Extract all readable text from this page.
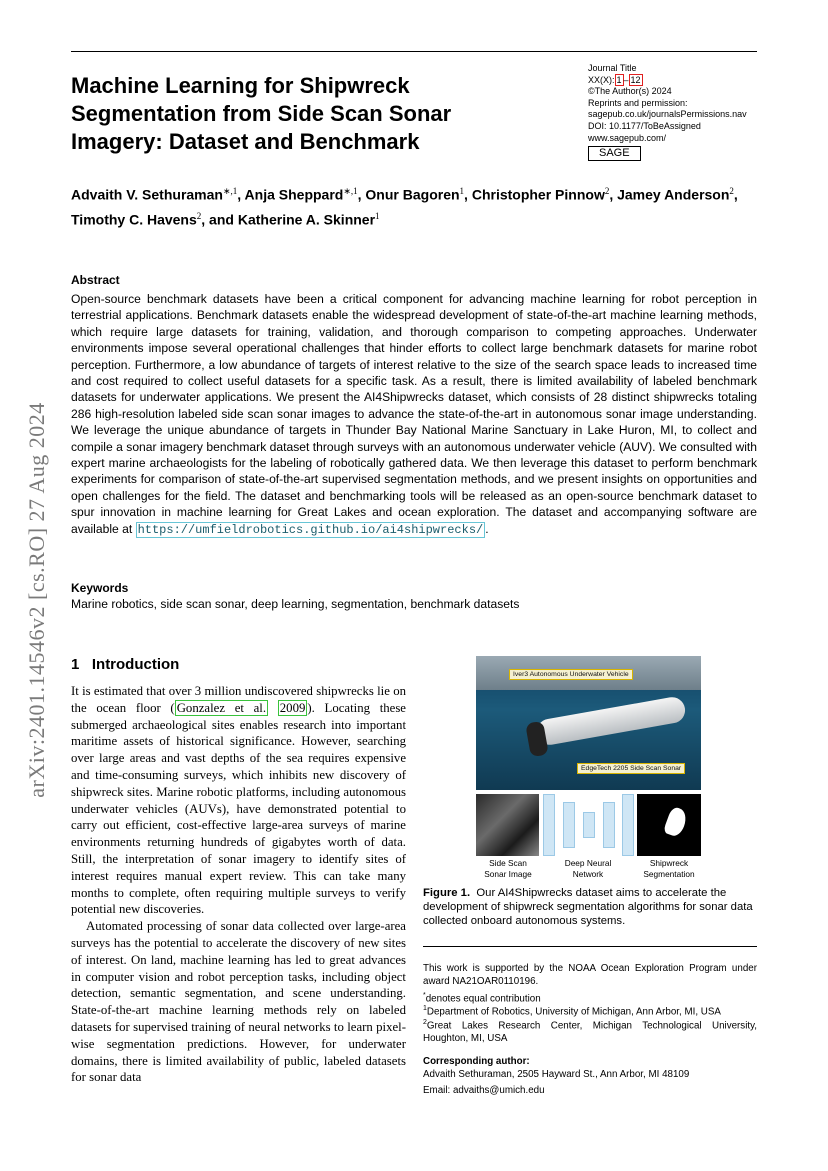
arXiv:2401.14546v2 [cs.RO] 27 Aug 2024
Machine Learning for Shipwreck Segmentation from Side Scan Sonar Imagery: Dataset and Benchmark
Journal Title
XX(X): 1 – 12
©The Author(s) 2024
Reprints and permission:
sagepub.co.uk/journalsPermissions.nav
DOI: 10.1177/ToBeAssigned
www.sagepub.com/
SAGE
Advaith V. Sethuraman$^{∗,1}$, Anja Sheppard$^{∗,1}$, Onur Bagoren$^1$, Christopher Pinnow$^2$, Jamey Anderson$^2$, Timothy C. Havens$^2$, and Katherine A. Skinner$^1$
Abstract
Open-source benchmark datasets have been a critical component for advancing machine learning for robot perception in terrestrial applications. Benchmark datasets enable the widespread development of state-of-the-art machine learning methods, which require large datasets for training, validation, and thorough comparison to competing approaches. Underwater environments impose several operational challenges that hinder efforts to collect large benchmark datasets for marine robot perception. Furthermore, a low abundance of targets of interest relative to the size of the search space leads to increased time and cost required to collect useful datasets for a specific task. As a result, there is limited availability of labeled benchmark datasets for underwater applications. We present the AI4Shipwrecks dataset, which consists of 28 distinct shipwrecks totaling 286 high-resolution labeled side scan sonar images to advance the state-of-the-art in autonomous sonar image understanding. We leverage the unique abundance of targets in Thunder Bay National Marine Sanctuary in Lake Huron, MI, to collect and compile a sonar imagery benchmark dataset through surveys with an autonomous underwater vehicle (AUV). We consulted with expert marine archaeologists for the labeling of robotically gathered data. We then leverage this dataset to perform benchmark experiments for comparison of state-of-the-art supervised segmentation methods, and we present insights on opportunities and open challenges for the field. The dataset and benchmarking tools will be released as an open-source benchmark dataset to spur innovation in machine learning for Great Lakes and ocean exploration. The dataset and accompanying software are available at https://umfieldrobotics.github.io/ai4shipwrecks/ .
Keywords
Marine robotics, side scan sonar, deep learning, segmentation, benchmark datasets
1 Introduction

It is estimated that over 3 million undiscovered shipwrecks lie on the ocean floor ( Gonzalez et al. 2009 ). Locating these submerged archaeological sites enables research into important maritime assets of historical significance. However, searching over large areas and vast depths of the sea requires expensive and time-consuming surveys, which inhibits new discovery of shipwreck sites. Marine robotic platforms, including autonomous underwater vehicles (AUVs), have demonstrated potential to carry out efficient, cost-effective large-area surveys of marine environments returning hundreds of gigabytes worth of data. Still, the interpretation of sonar imagery to identify sites of interest requires manual expert review. This can take many months to complete, often requiring multiple surveys to verify potential new discoveries.

Automated processing of sonar data collected over large-area surveys has the potential to accelerate the discovery of new sites of interest. On land, machine learning has led to great advances in computer vision and robot perception tasks, including object detection, semantic segmentation, and scene understanding. State-of-the-art machine learning methods rely on labeled datasets for supervised training of neural networks to learn pixel-wise segmentation predictions. However, for underwater domains, there is limited availability of public, labeled datasets for sonar data

Iver3 Autonomous Underwater Vehicle
EdgeTech 2205 Side Scan Sonar
Side Scan
Sonar Image
Deep Neural
Network
Shipwreck
Segmentation
Figure 1. Our AI4Shipwrecks dataset aims to accelerate the development of shipwreck segmentation algorithms for sonar data collected onboard autonomous systems.
This work is supported by the NOAA Ocean Exploration Program under award NA21OAR0110196.
*denotes equal contribution
$^1$Department of Robotics, University of Michigan, Ann Arbor, MI, USA
$^2$Great Lakes Research Center, Michigan Technological University, Houghton, MI, USA
Corresponding author:
Advaith Sethuraman, 2505 Hayward St., Ann Arbor, MI 48109
Email: advaiths@umich.edu
